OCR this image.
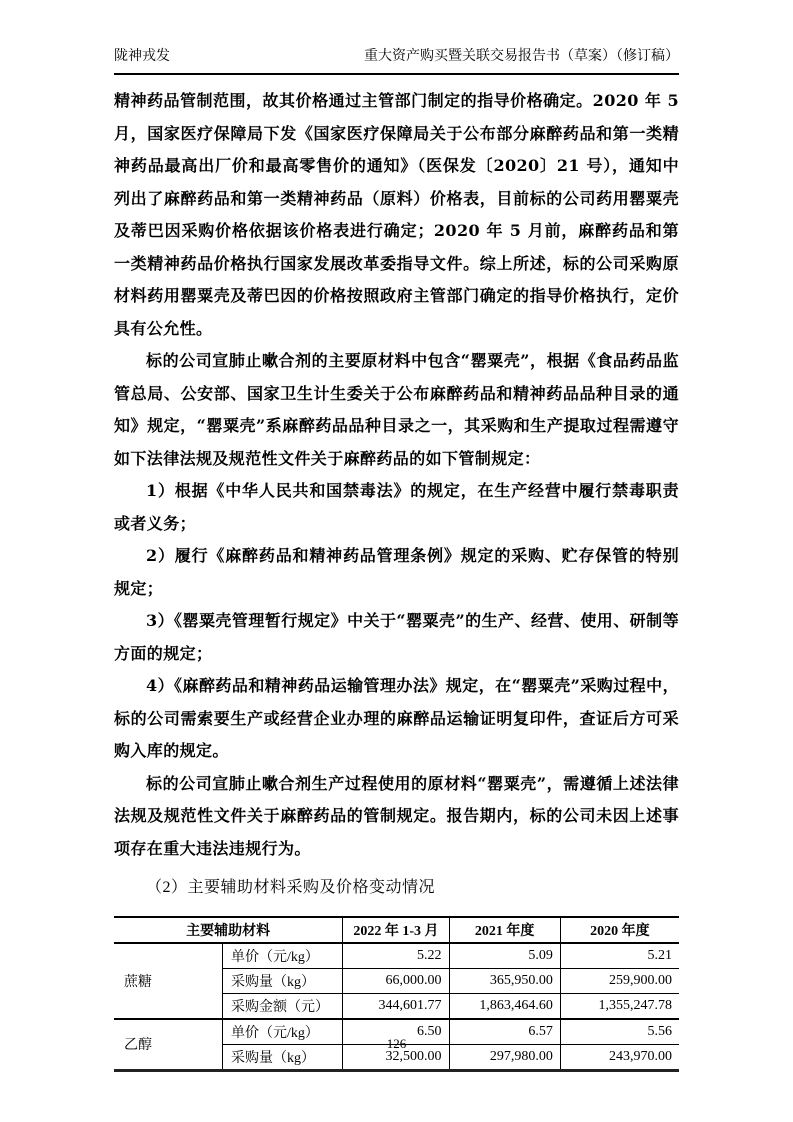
陇神戎发	重大资产购买暨关联交易报告书（草案）（修订稿）

精神药品管制范围，故其价格通过主管部门制定的指导价格确定。2020 年 5 月，国家医疗保障局下发《国家医疗保障局关于公布部分麻醉药品和第一类精神药品最高出厂价和最高零售价的通知》（医保发〔2020〕21 号），通知中列出了麻醉药品和第一类精神药品（原料）价格表，目前标的公司药用罂粟壳及蒂巴因采购价格依据该价格表进行确定；2020 年 5 月前，麻醉药品和第一类精神药品价格执行国家发展改革委指导文件。综上所述，标的公司采购原材料药用罂粟壳及蒂巴因的价格按照政府主管部门确定的指导价格执行，定价具有公允性。

标的公司宣肺止嗽合剂的主要原材料中包含“罂粟壳”，根据《食品药品监管总局、公安部、国家卫生计生委关于公布麻醉药品和精神药品品种目录的通知》规定，“罂粟壳”系麻醉药品品种目录之一，其采购和生产提取过程需遵守如下法律法规及规范性文件关于麻醉药品的如下管制规定：

1）根据《中华人民共和国禁毒法》的规定，在生产经营中履行禁毒职责或者义务；

2）履行《麻醉药品和精神药品管理条例》规定的采购、贮存保管的特别规定；

3）《罂粟壳管理暂行规定》中关于“罂粟壳”的生产、经营、使用、研制等方面的规定；

4）《麻醉药品和精神药品运输管理办法》规定，在“罂粟壳”采购过程中，标的公司需索要生产或经营企业办理的麻醉品运输证明复印件，查证后方可采购入库的规定。

标的公司宣肺止嗽合剂生产过程使用的原材料“罂粟壳”，需遵循上述法律法规及规范性文件关于麻醉药品的管制规定。报告期内，标的公司未因上述事项存在重大违法违规行为。

（2）主要辅助材料采购及价格变动情况
主要辅助材料		2022 年 1-3 月	2021 年度	2020 年度
蔗糖	单价（元/kg）	5.22	5.09	5.21
	采购量（kg）	66,000.00	365,950.00	259,900.00
	采购金额（元）	344,601.77	1,863,464.60	1,355,247.78
乙醇	单价（元/kg）	6.50	6.57	5.56
	采购量（kg）	32,500.00	297,980.00	243,970.00
126
